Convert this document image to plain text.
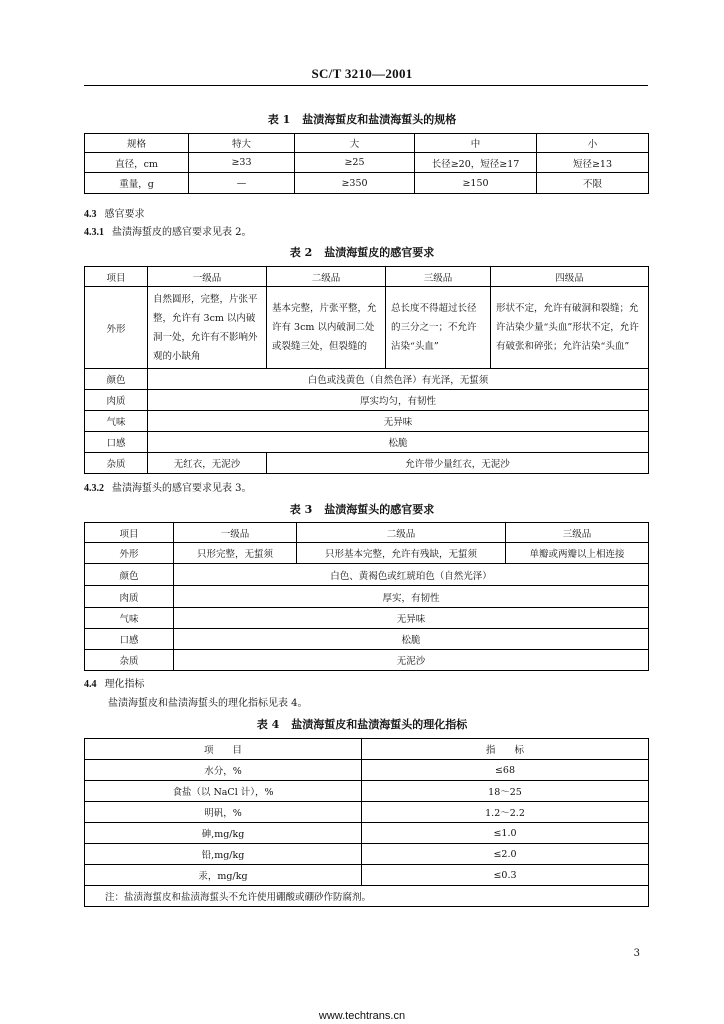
SC/T 3210—2001
表 1 盐渍海蜇皮和盐渍海蜇头的规格
规格	特大	大	中	小
直径，cm	≥33	≥25	长径≥20，短径≥17	短径≥13
重量，g	—	≥350	≥150	不限
4.3 感官要求
4.3.1 盐渍海蜇皮的感官要求见表 2。
表 2 盐渍海蜇皮的感官要求
项目	一级品	二级品	三级品	四级品
外形	自然圆形，完整，片张平整，允许有 3cm 以内破洞一处，允许有不影响外观的小缺角	基本完整，片张平整，允许有 3cm 以内破洞二处或裂缝三处，但裂缝的	总长度不得超过长径的三分之一；不允许沾染“头血”	形状不定，允许有破洞和裂缝；允许沾染少量“头血”形状不定，允许有破张和碎张；允许沾染“头血”
颜色	白色或浅黄色（自然色泽）有光泽，无蜇须			
肉质	厚实均匀，有韧性			
气味	无异味			
口感	松脆			
杂质	无红衣，无泥沙	允许带少量红衣，无泥沙		
4.3.2 盐渍海蜇头的感官要求见表 3。
表 3 盐渍海蜇头的感官要求
项目	一级品	二级品	三级品
外形	只形完整，无蜇须	只形基本完整，允许有残缺，无蜇须	单瓣或两瓣以上相连接
颜色	白色、黄褐色或红琥珀色（自然光泽）		
肉质	厚实，有韧性		
气味	无异味		
口感	松脆		
杂质	无泥沙		
4.4 理化指标
盐渍海蜇皮和盐渍海蜇头的理化指标见表 4。
表 4 盐渍海蜇皮和盐渍海蜇头的理化指标
项　　目	指　　标
水分，%	≤68
食盐（以 NaCl 计），%	18～25
明矾，%	1.2～2.2
砷,mg/kg	≤1.0
铅,mg/kg	≤2.0
汞，mg/kg	≤0.3
注：盐渍海蜇皮和盐渍海蜇头不允许使用硼酸或硼砂作防腐剂。	
3
www.techtrans.cn
